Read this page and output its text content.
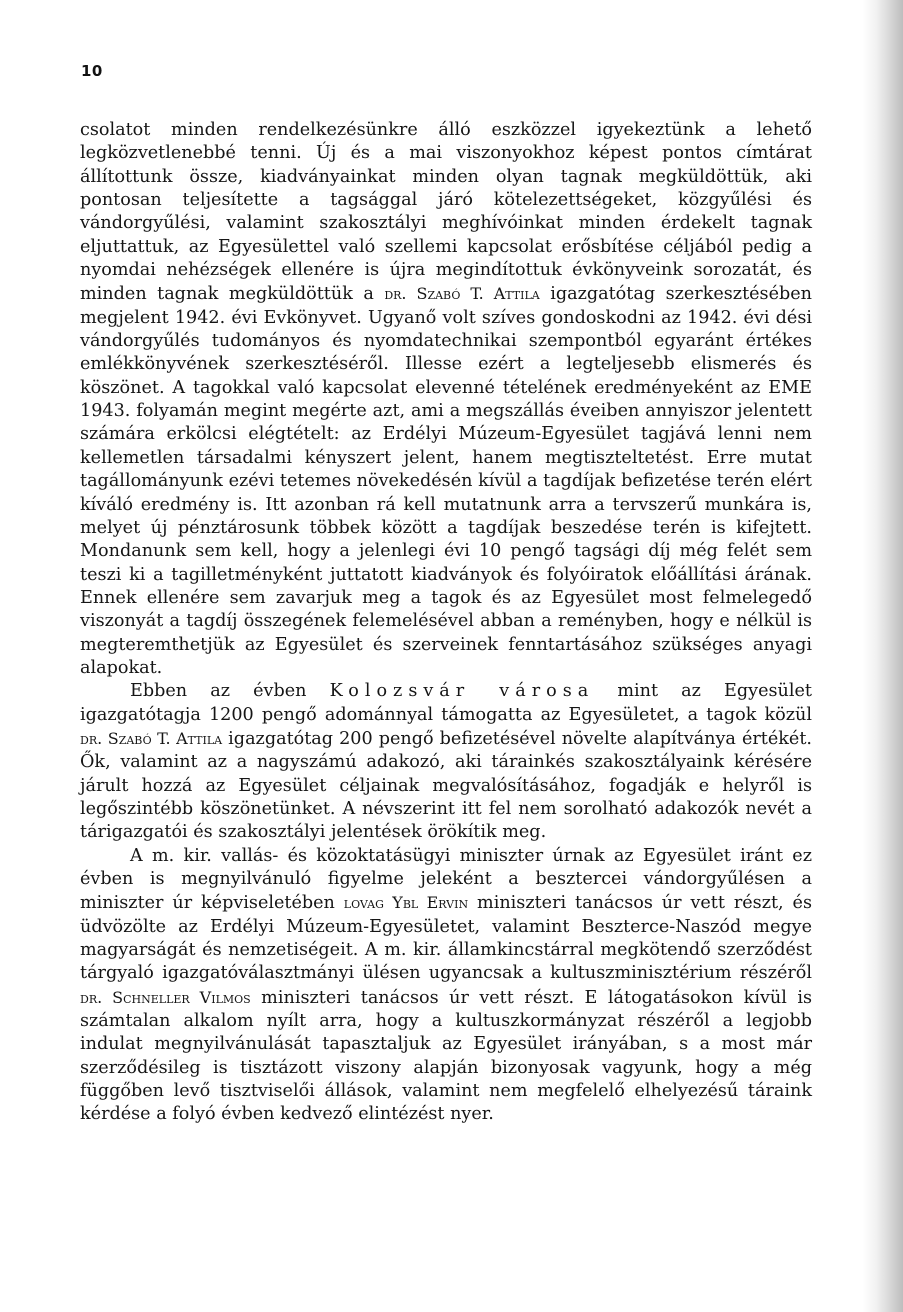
10

csolatot minden rendelkezésünkre álló eszközzel igyekeztünk a lehető legközvetlenebbé tenni. Új és a mai viszonyokhoz képest pontos címtárat állítottunk össze, kiadványainkat minden olyan tagnak megküldöttük, aki pontosan teljesítette a tagsággal járó kötelezettségeket, közgyűlési és vándorgyűlési, valamint szakosztályi meghívóinkat minden érdekelt tagnak eljuttattuk, az Egyesülettel való szellemi kapcsolat erősbítése céljából pedig a nyomdai nehézségek ellenére is újra megindítottuk évkönyveink sorozatát, és minden tagnak megküldöttük a dr. Szabó T. Attila igazgatótag szerkesztésében megjelent 1942. évi Evkönyvet. Ugyanő volt szíves gondoskodni az 1942. évi dési vándorgyűlés tudományos és nyomdatechnikai szempontból egyaránt értékes emlékkönyvének szerkesztéséről. Illesse ezért a legteljesebb elismerés és köszönet. A tagokkal való kapcsolat elevenné tételének eredményeként az EME 1943. folyamán megint megérte azt, ami a megszállás éveiben annyiszor jelentett számára erkölcsi elégtételt: az Erdélyi Múzeum-Egyesület tagjává lenni nem kellemetlen társadalmi kényszert jelent, hanem megtiszteltetést. Erre mutat tagállományunk ezévi tetemes növekedésén kívül a tagdíjak befizetése terén elért kíváló eredmény is. Itt azonban rá kell mutatnunk arra a tervszerű munkára is, melyet új pénztárosunk többek között a tagdíjak beszedése terén is kifejtett. Mondanunk sem kell, hogy a jelenlegi évi 10 pengő tagsági díj még felét sem teszi ki a tagilletményként juttatott kiadványok és folyóiratok előállítási árának. Ennek ellenére sem zavarjuk meg a tagok és az Egyesület most felmelegedő viszonyát a tagdíj összegének felemelésével abban a reményben, hogy e nélkül is megteremthetjük az Egyesület és szerveinek fenntartásához szükséges anyagi alapokat.

Ebben az évben Kolozsvár városa mint az Egyesület igazgatótagja 1200 pengő adománnyal támogatta az Egyesületet, a tagok közül dr. Szabó T. Attila igazgatótag 200 pengő befizetésével növelte alapítványa értékét. Ők, valamint az a nagyszámú adakozó, aki tárainkés szakosztályaink kérésére járult hozzá az Egyesület céljainak megvalósításához, fogadják e helyről is legőszintébb köszönetünket. A névszerint itt fel nem sorolható adakozók nevét a tárigazgatói és szakosztályi jelentések örökítik meg.

A m. kir. vallás- és közoktatásügyi miniszter úrnak az Egyesület iránt ez évben is megnyilvánuló figyelme jeleként a besztercei vándorgyűlésen a miniszter úr képviseletében lovag Ybl Ervin miniszteri tanácsos úr vett részt, és üdvözölte az Erdélyi Múzeum-Egyesületet, valamint Beszterce-Naszód megye magyarságát és nemzetiségeit. A m. kir. államkincstárral megkötendő szerződést tárgyaló igazgatóválasztmányi ülésen ugyancsak a kultuszminisztérium részéről dr. Schneller Vilmos miniszteri tanácsos úr vett részt. E látogatásokon kívül is számtalan alkalom nyílt arra, hogy a kultuszkormányzat részéről a legjobb indulat megnyilvánulását tapasztaljuk az Egyesület irányában, s a most már szerződésileg is tisztázott viszony alapján bizonyosak vagyunk, hogy a még függőben levő tisztviselői állások, valamint nem megfelelő elhelyezésű táraink kérdése a folyó évben kedvező elintézést nyer.
